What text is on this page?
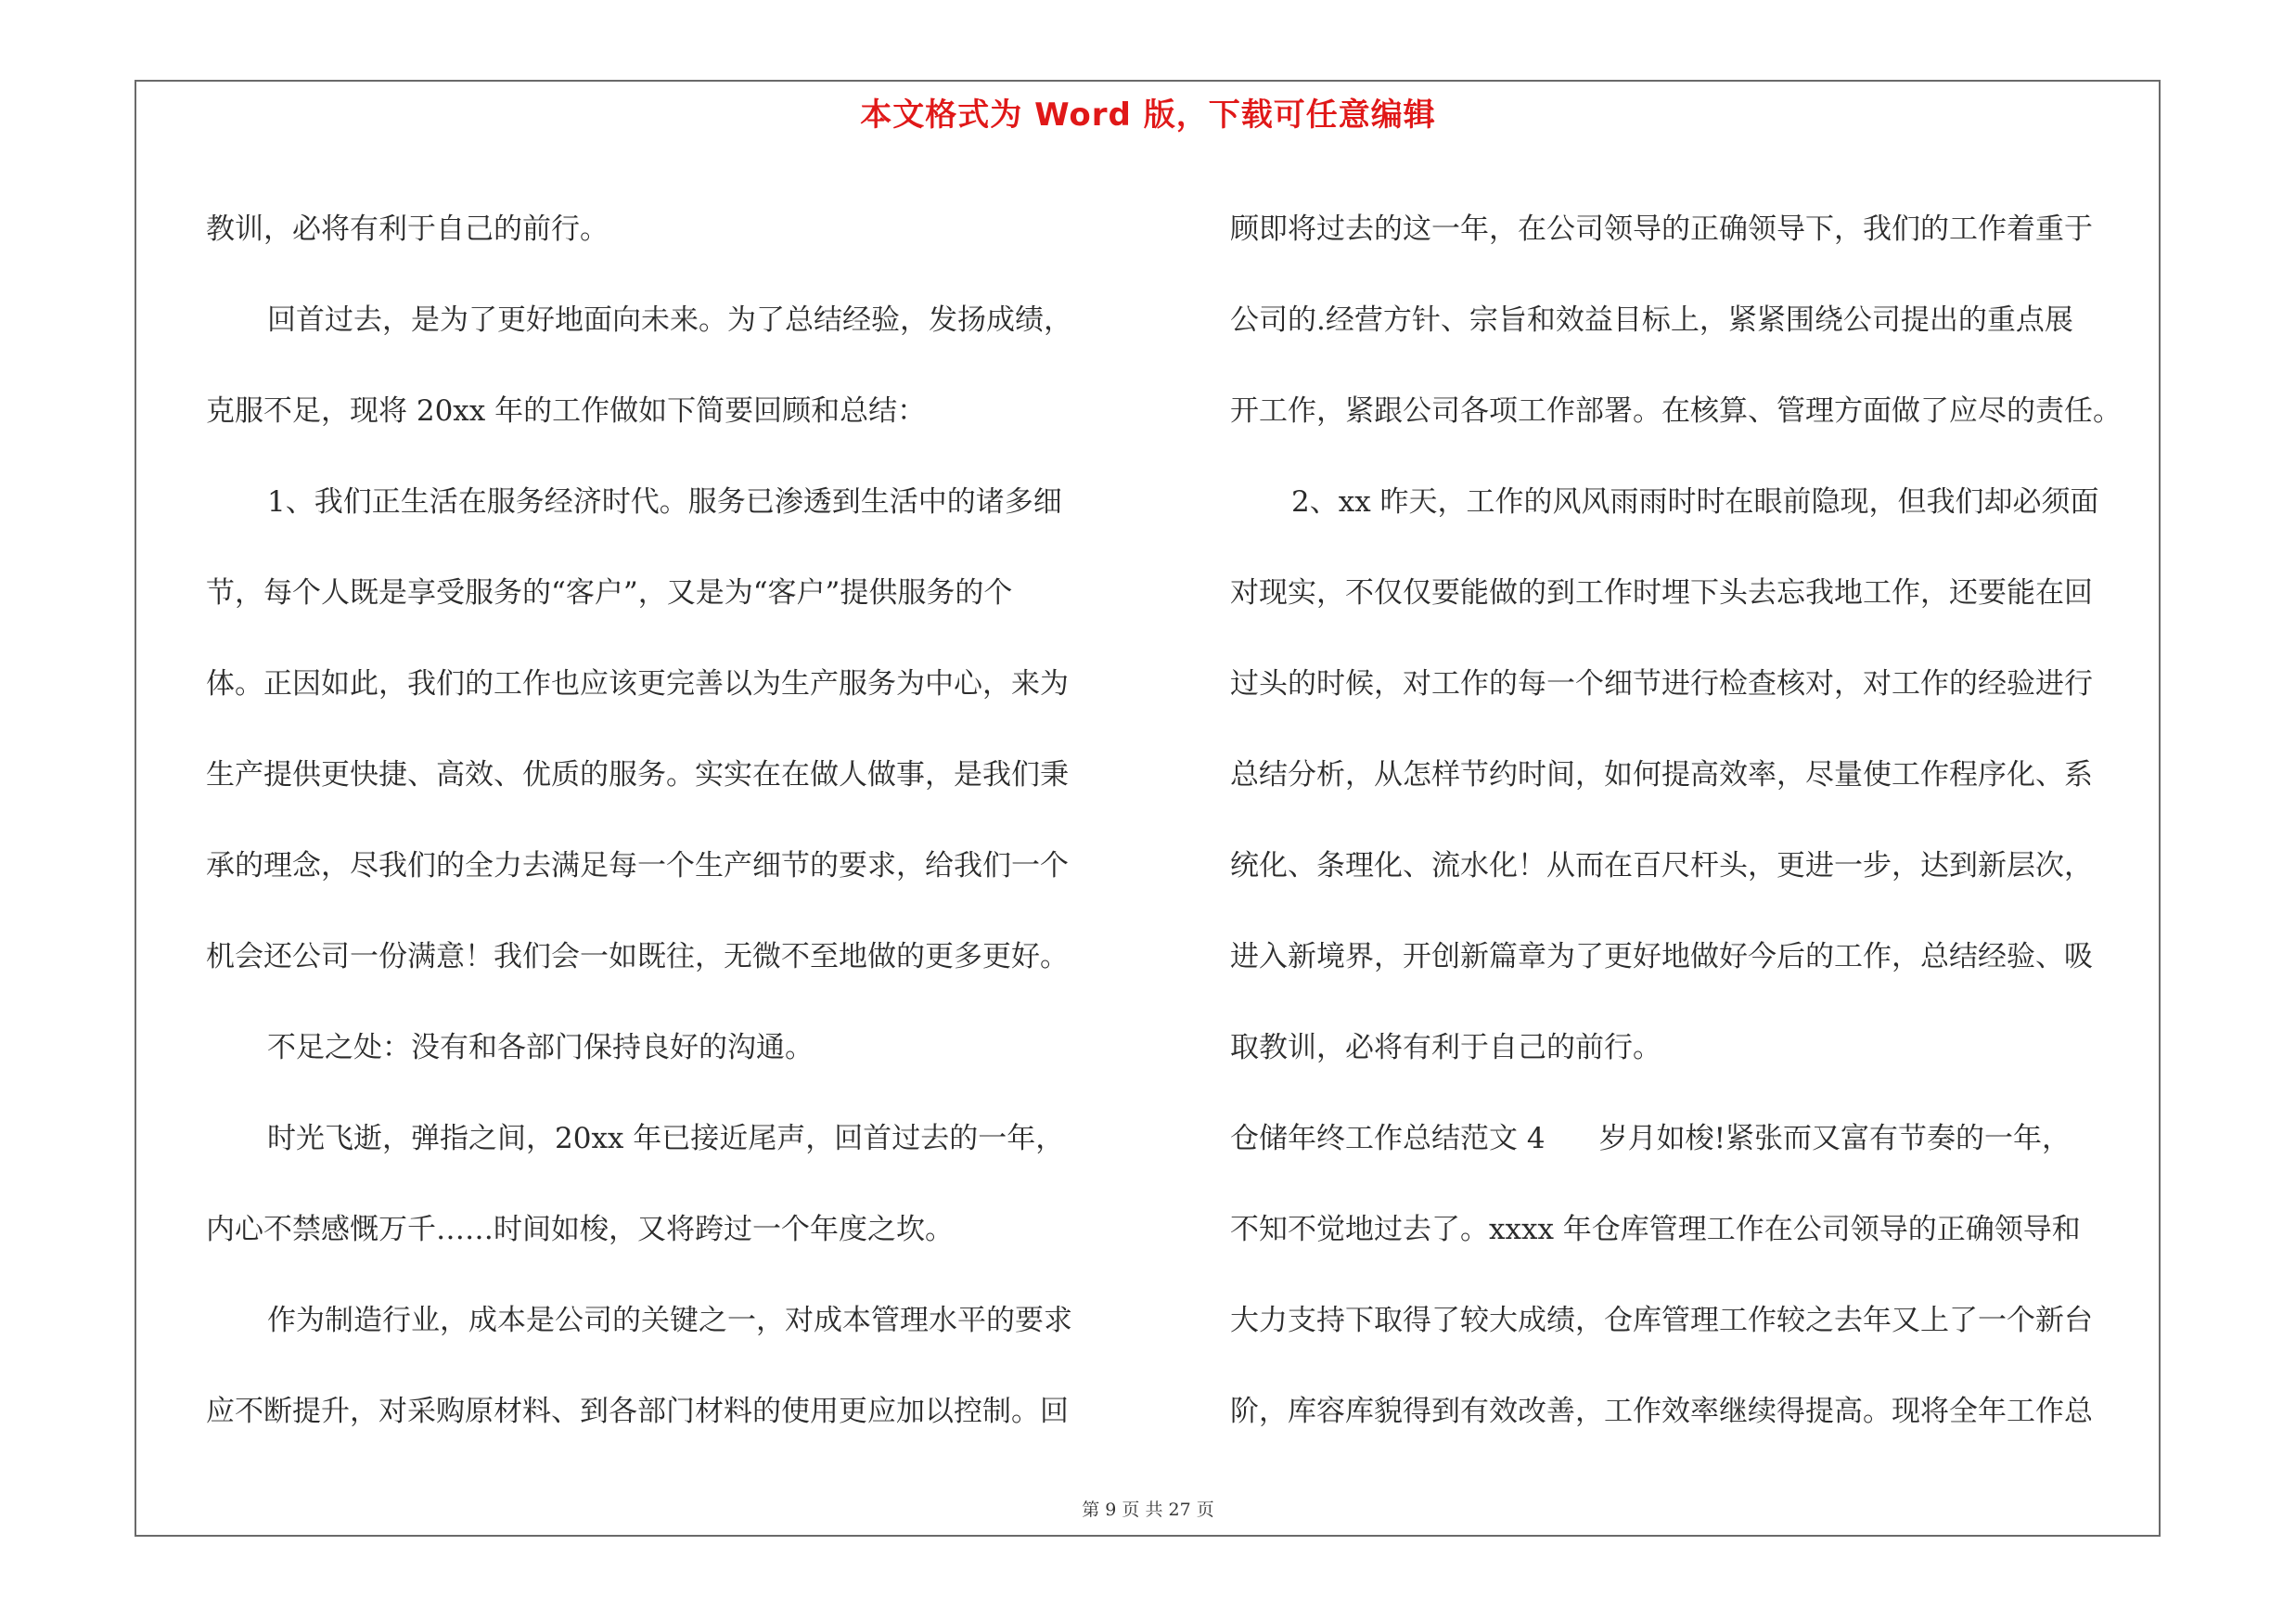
本文格式为 Word 版，下载可任意编辑
教训，必将有利于自己的前行。
回首过去，是为了更好地面向未来。为了总结经验，发扬成绩，
克服不足，现将 20xx 年的工作做如下简要回顾和总结：
1、我们正生活在服务经济时代。服务已渗透到生活中的诸多细
节，每个人既是享受服务的“客户”，又是为“客户”提供服务的个
体。正因如此，我们的工作也应该更完善以为生产服务为中心，来为
生产提供更快捷、高效、优质的服务。实实在在做人做事，是我们秉
承的理念，尽我们的全力去满足每一个生产细节的要求，给我们一个
机会还公司一份满意！我们会一如既往，无微不至地做的更多更好。
不足之处：没有和各部门保持良好的沟通。
时光飞逝，弹指之间，20xx 年已接近尾声，回首过去的一年，
内心不禁感慨万千……时间如梭，又将跨过一个年度之坎。
作为制造行业，成本是公司的关键之一，对成本管理水平的要求
应不断提升，对采购原材料、到各部门材料的使用更应加以控制。回
顾即将过去的这一年，在公司领导的正确领导下，我们的工作着重于
公司的.经营方针、宗旨和效益目标上，紧紧围绕公司提出的重点展
开工作，紧跟公司各项工作部署。在核算、管理方面做了应尽的责任。
2、xx 昨天，工作的风风雨雨时时在眼前隐现，但我们却必须面
对现实，不仅仅要能做的到工作时埋下头去忘我地工作，还要能在回
过头的时候，对工作的每一个细节进行检查核对，对工作的经验进行
总结分析，从怎样节约时间，如何提高效率，尽量使工作程序化、系
统化、条理化、流水化！从而在百尺杆头，更进一步，达到新层次，
进入新境界，开创新篇章为了更好地做好今后的工作，总结经验、吸
取教训，必将有利于自己的前行。
仓储年终工作总结范文 4 岁月如梭!紧张而又富有节奏的一年，
不知不觉地过去了。xxxx 年仓库管理工作在公司领导的正确领导和
大力支持下取得了较大成绩，仓库管理工作较之去年又上了一个新台
阶，库容库貌得到有效改善，工作效率继续得提高。现将全年工作总
第 9 页 共 27 页
